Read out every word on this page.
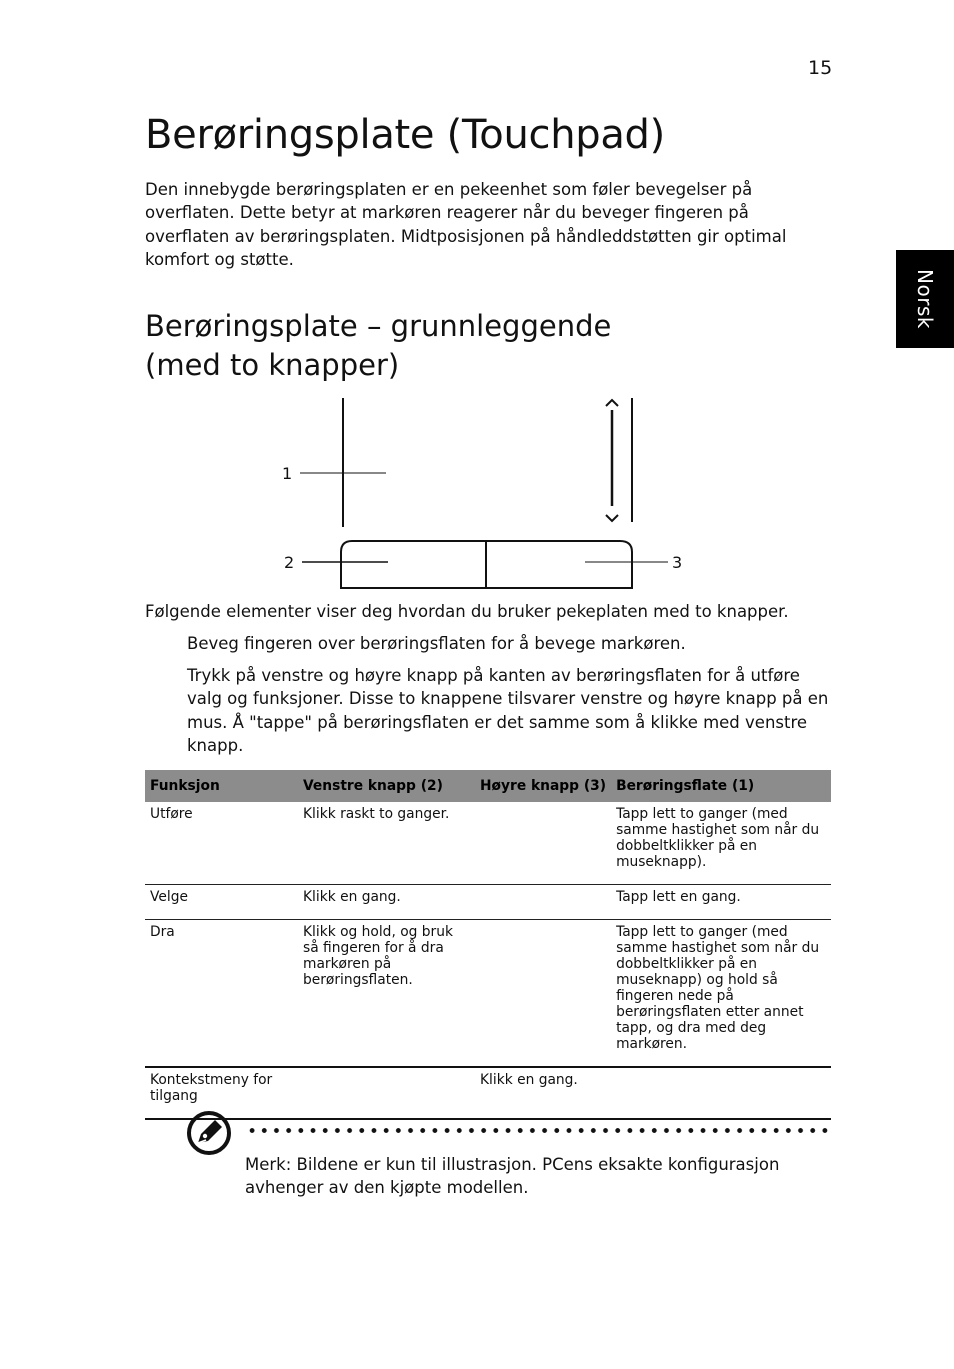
15
Norsk
Berøringsplate (Touchpad)

Den innebygde berøringsplaten er en pekeenhet som føler bevegelser på overflaten. Dette betyr at markøren reagerer når du beveger fingeren på overflaten av berøringsplaten. Midtposisjonen på håndleddstøtten gir optimal komfort og støtte.

Berøringsplate – grunnleggende
(med to knapper)
1
2	3

Følgende elementer viser deg hvordan du bruker pekeplaten med to knapper.

Beveg fingeren over berøringsflaten for å bevege markøren.

Trykk på venstre og høyre knapp på kanten av berøringsflaten for å utføre valg og funksjoner. Disse to knappene tilsvarer venstre og høyre knapp på en mus. Å "tappe" på berøringsflaten er det samme som å klikke med venstre knapp.

Funksjon	Venstre knapp (2)	Høyre knapp (3)	Berøringsflate (1)
Utføre	Klikk raskt to ganger.		Tapp lett to ganger (med samme hastighet som når du dobbeltklikker på en museknapp).
Velge	Klikk en gang.		Tapp lett en gang.
Dra	Klikk og hold, og bruk så fingeren for å dra markøren på berøringsflaten.		Tapp lett to ganger (med samme hastighet som når du dobbeltklikker på en museknapp) og hold så fingeren nede på berøringsflaten etter annet tapp, og dra med deg markøren.
Kontekstmeny for tilgang		Klikk en gang.	

Merk: Bildene er kun til illustrasjon. PCens eksakte konfigurasjon avhenger av den kjøpte modellen.
